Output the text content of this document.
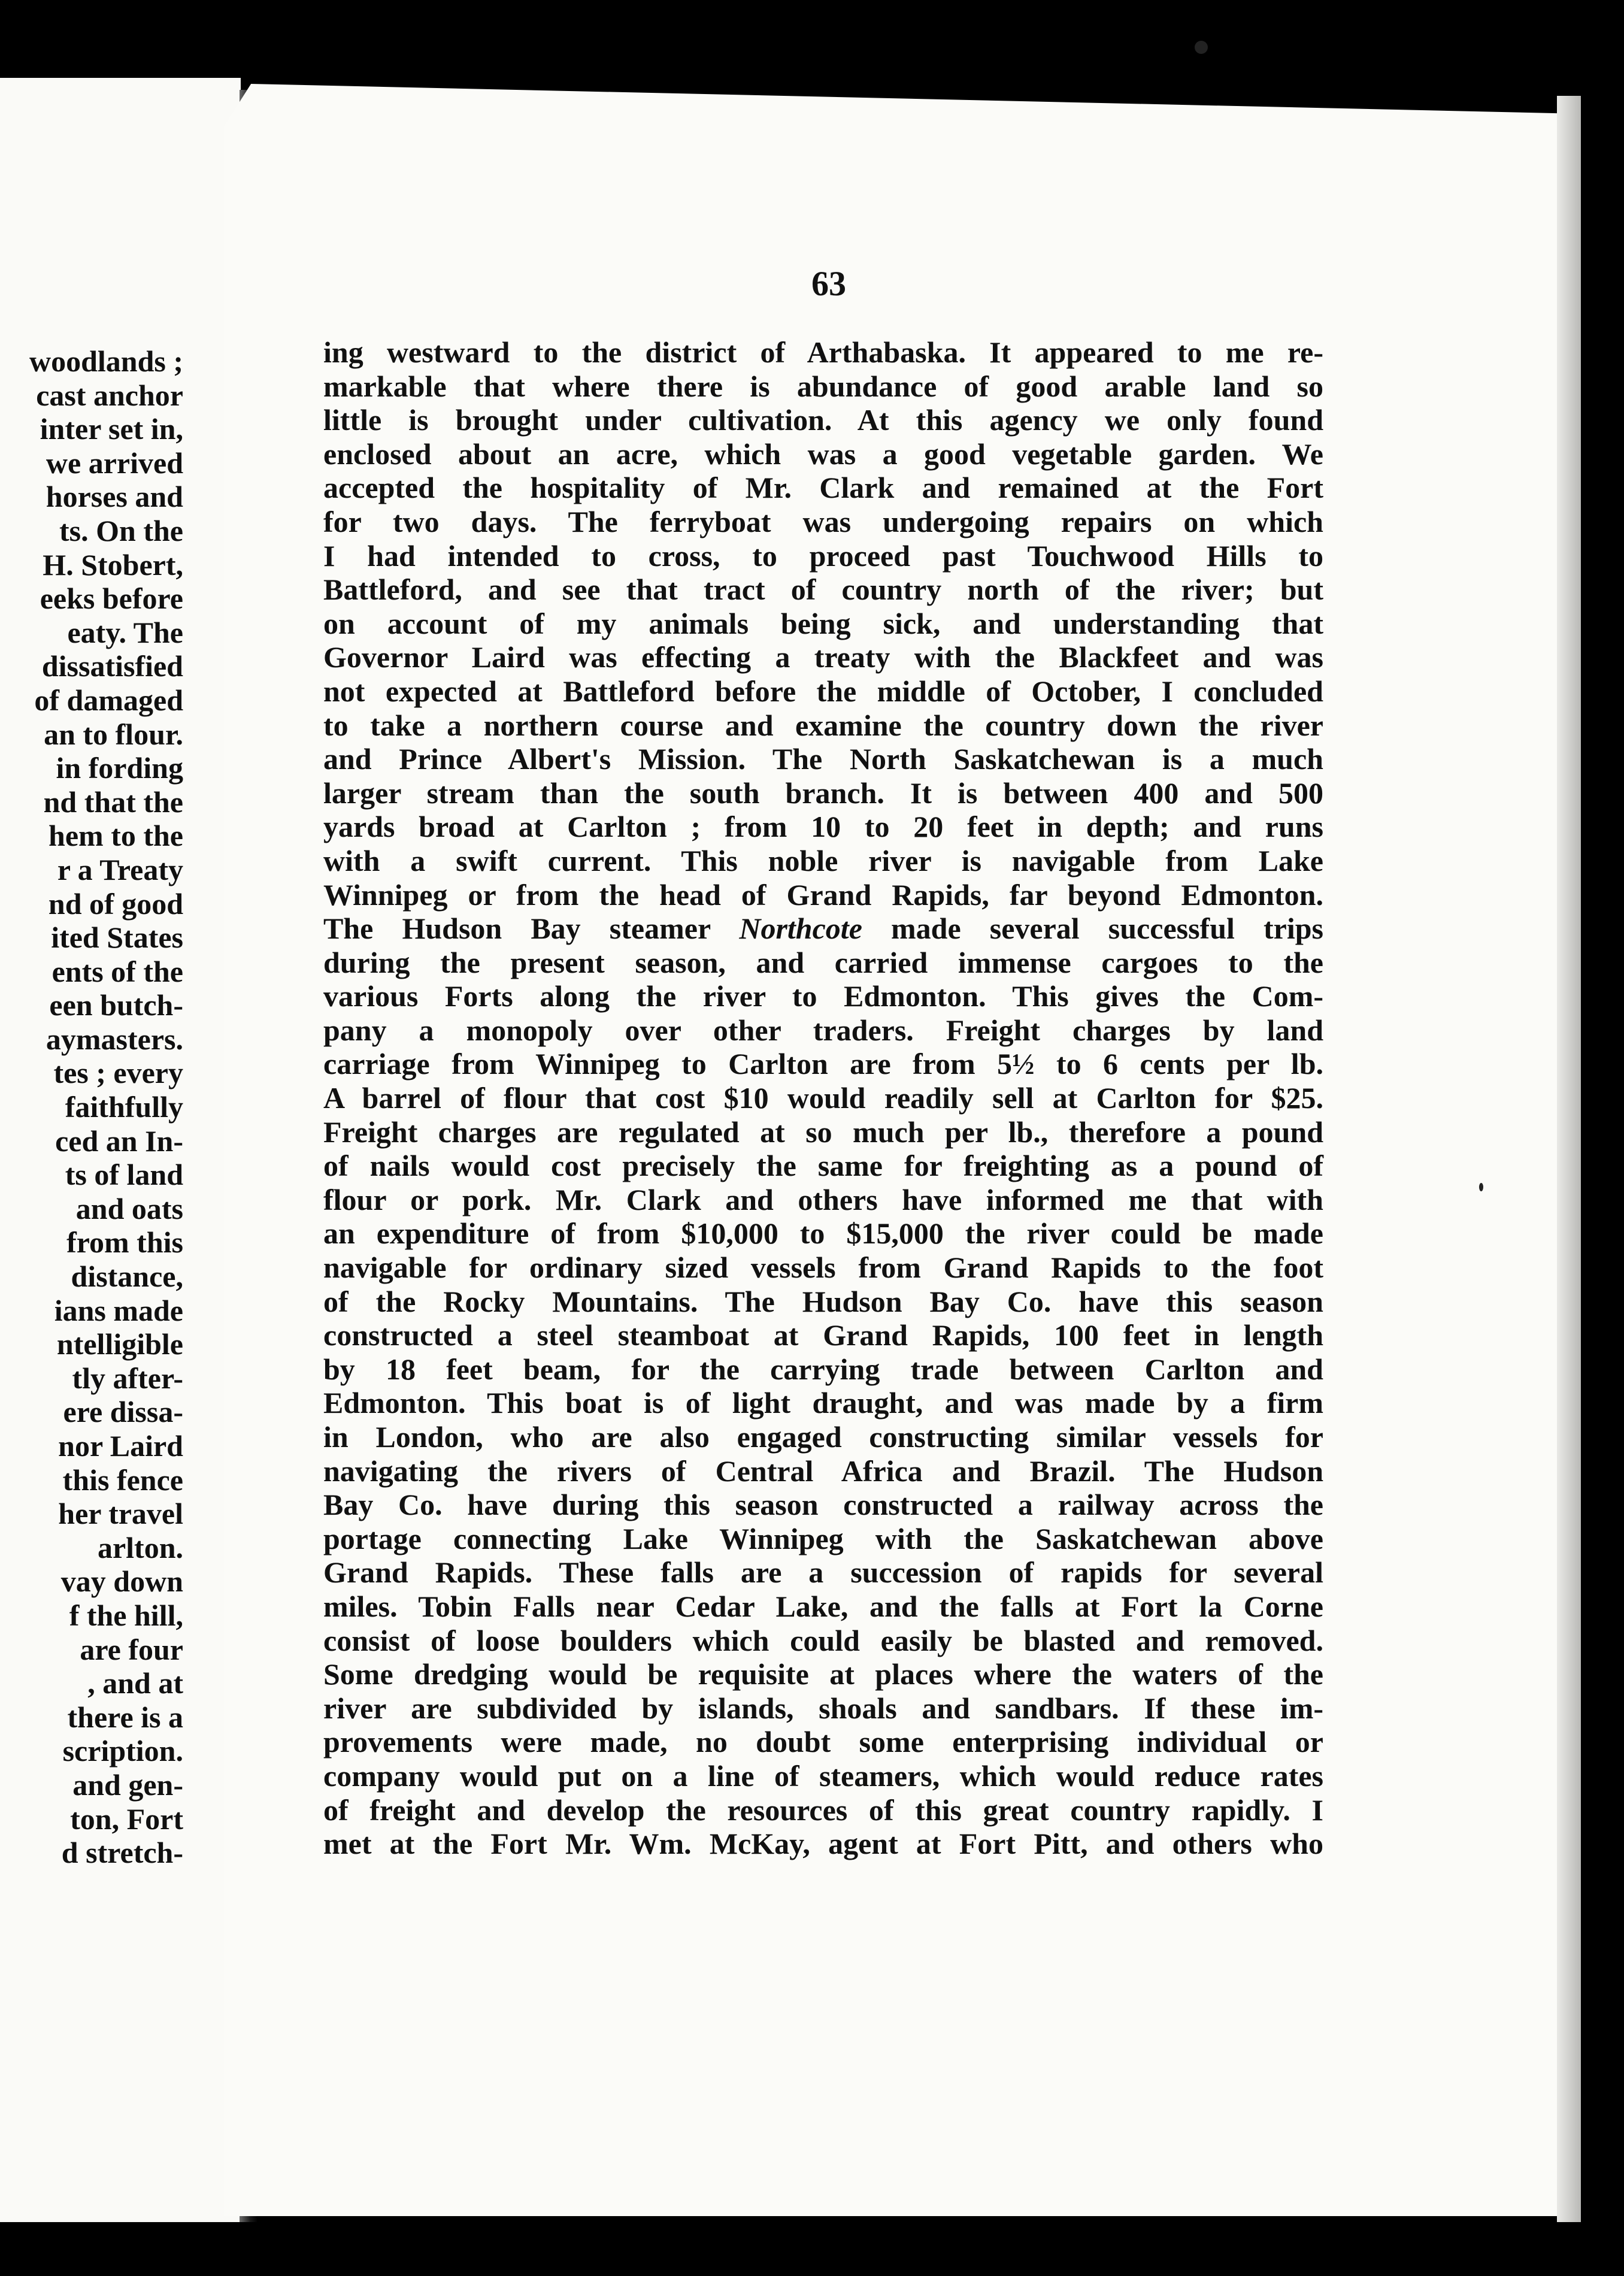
woodlands ;
cast anchor
inter set in,
we arrived
horses and
ts. On the
H. Stobert,
eeks before
eaty. The
dissatisfied
of damaged
an to flour.
in fording
nd that the
hem to the
r a Treaty
nd of good
ited States
ents of the
een butch-
aymasters.
tes ; every
faithfully
ced an In-
ts of land
and oats
from this
distance,
ians made
ntelligible
tly after-
ere dissa-
nor Laird
this fence
her travel
arlton.
vay down
f the hill,
are four
, and at
there is a
scription.
and gen-
ton, Fort
d stretch-
63
ing westward to the district of Arthabaska. It appeared to me re-
markable that where there is abundance of good arable land so
little is brought under cultivation. At this agency we only found
enclosed about an acre, which was a good vegetable garden. We
accepted the hospitality of Mr. Clark and remained at the Fort
for two days. The ferryboat was undergoing repairs on which
I had intended to cross, to proceed past Touchwood Hills to
Battleford, and see that tract of country north of the river; but
on account of my animals being sick, and understanding that
Governor Laird was effecting a treaty with the Blackfeet and was
not expected at Battleford before the middle of October, I concluded
to take a northern course and examine the country down the river
and Prince Albert's Mission. The North Saskatchewan is a much
larger stream than the south branch. It is between 400 and 500
yards broad at Carlton ; from 10 to 20 feet in depth; and runs
with a swift current. This noble river is navigable from Lake
Winnipeg or from the head of Grand Rapids, far beyond Edmonton.
The Hudson Bay steamer Northcote made several successful trips
during the present season, and carried immense cargoes to the
various Forts along the river to Edmonton. This gives the Com-
pany a monopoly over other traders. Freight charges by land
carriage from Winnipeg to Carlton are from 5½ to 6 cents per lb.
A barrel of flour that cost $10 would readily sell at Carlton for $25.
Freight charges are regulated at so much per lb., therefore a pound
of nails would cost precisely the same for freighting as a pound of
flour or pork. Mr. Clark and others have informed me that with
an expenditure of from $10,000 to $15,000 the river could be made
navigable for ordinary sized vessels from Grand Rapids to the foot
of the Rocky Mountains. The Hudson Bay Co. have this season
constructed a steel steamboat at Grand Rapids, 100 feet in length
by 18 feet beam, for the carrying trade between Carlton and
Edmonton. This boat is of light draught, and was made by a firm
in London, who are also engaged constructing similar vessels for
navigating the rivers of Central Africa and Brazil. The Hudson
Bay Co. have during this season constructed a railway across the
portage connecting Lake Winnipeg with the Saskatchewan above
Grand Rapids. These falls are a succession of rapids for several
miles. Tobin Falls near Cedar Lake, and the falls at Fort la Corne
consist of loose boulders which could easily be blasted and removed.
Some dredging would be requisite at places where the waters of the
river are subdivided by islands, shoals and sandbars. If these im-
provements were made, no doubt some enterprising individual or
company would put on a line of steamers, which would reduce rates
of freight and develop the resources of this great country rapidly. I
met at the Fort Mr. Wm. McKay, agent at Fort Pitt, and others who
